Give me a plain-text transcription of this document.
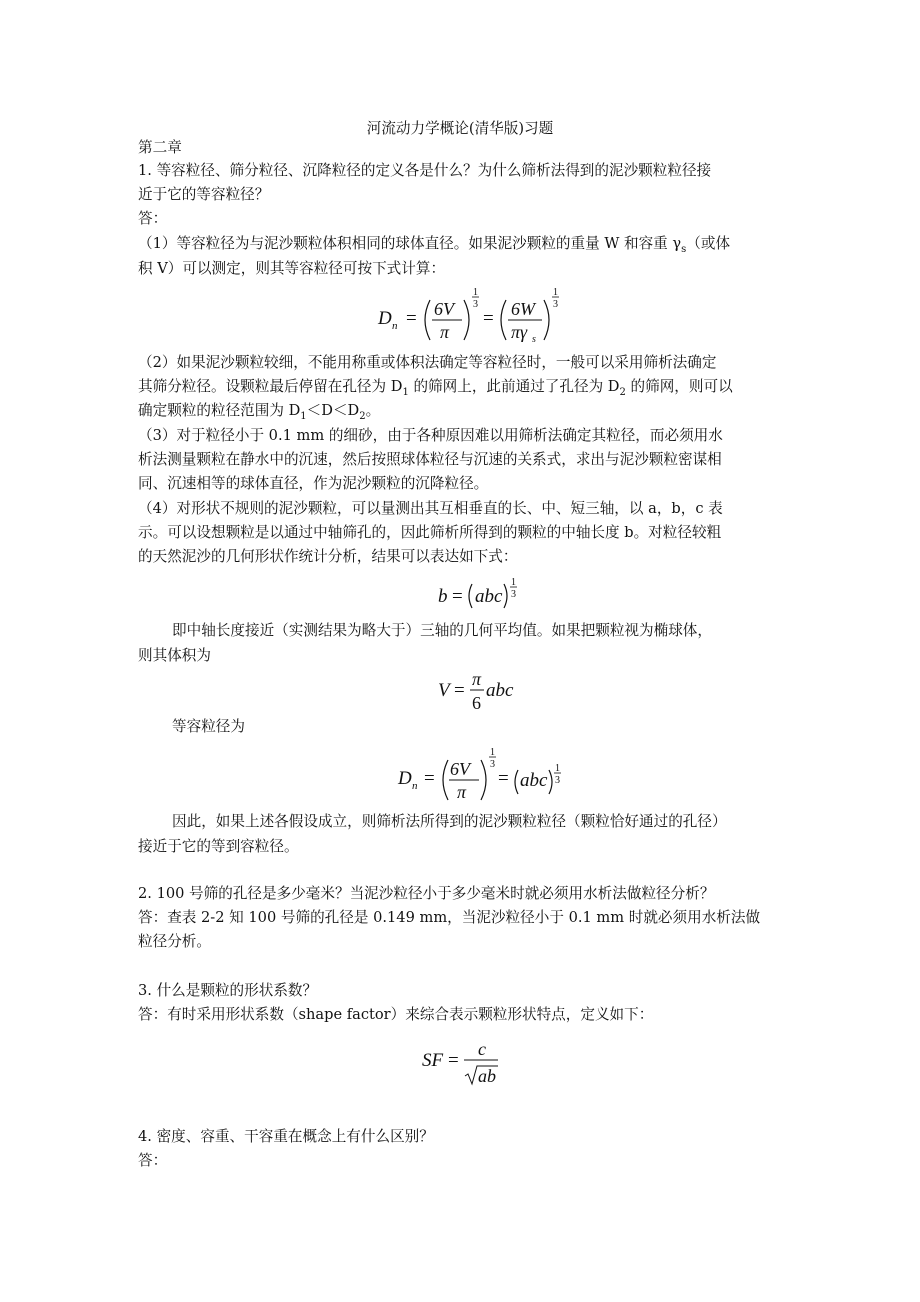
河流动力学概论(清华版)习题
第二章
1. 等容粒径、筛分粒径、沉降粒径的定义各是什么？为什么筛析法得到的泥沙颗粒粒径接
近于它的等容粒径？
答：
（1）等容粒径为与泥沙颗粒体积相同的球体直径。如果泥沙颗粒的重量 W 和容重 $\gamma_s$（或体
积 V）可以测定，则其等容粒径可按下式计算：
D n = 6V
π
1
3
= 6W
πγ s
1
3
（2）如果泥沙颗粒较细，不能用称重或体积法确定等容粒径时，一般可以采用筛析法确定
其筛分粒径。设颗粒最后停留在孔径为 $D_1$ 的筛网上，此前通过了孔径为 $D_2$ 的筛网，则可以
确定颗粒的粒径范围为 $D_1<D<D_2$。
（3）对于粒径小于 0.1 mm 的细砂，由于各种原因难以用筛析法确定其粒径，而必须用水
析法测量颗粒在静水中的沉速，然后按照球体粒径与沉速的关系式，求出与泥沙颗粒密谋相
同、沉速相等的球体直径，作为泥沙颗粒的沉降粒径。
（4）对形状不规则的泥沙颗粒，可以量测出其互相垂直的长、中、短三轴，以 a，b，c 表
示。可以设想颗粒是以通过中轴筛孔的，因此筛析所得到的颗粒的中轴长度 b。对粒径较粗
的天然泥沙的几何形状作统计分析，结果可以表达如下式：
b = abc
1
3
即中轴长度接近（实测结果为略大于）三轴的几何平均值。如果把颗粒视为椭球体，
则其体积为
V =
π
6
abc
等容粒径为
D n = 6V
π
1
3
= abc
1
3
因此，如果上述各假设成立，则筛析法所得到的泥沙颗粒粒径（颗粒恰好通过的孔径）
接近于它的等到容粒径。
2. 100 号筛的孔径是多少毫米？当泥沙粒径小于多少毫米时就必须用水析法做粒径分析？
答：查表 2-2 知 100 号筛的孔径是 0.149 mm，当泥沙粒径小于 0.1 mm 时就必须用水析法做
粒径分析。
3. 什么是颗粒的形状系数？
答：有时采用形状系数（shape factor）来综合表示颗粒形状特点，定义如下：
SF =
c
ab
4. 密度、容重、干容重在概念上有什么区别？
答：
